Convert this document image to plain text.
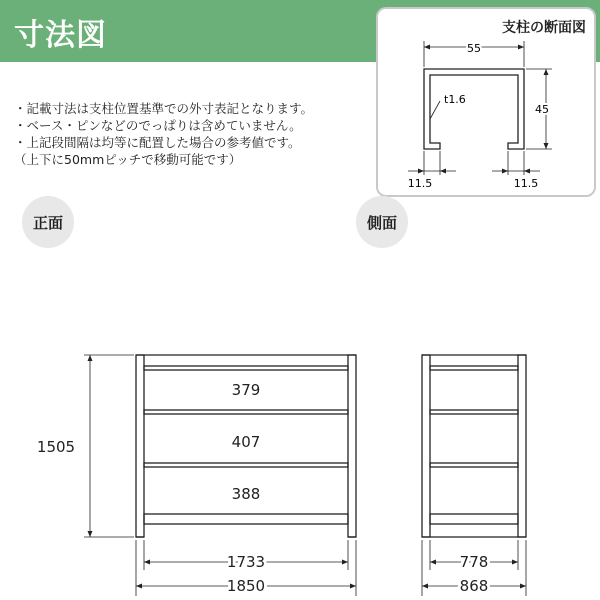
寸法図
・記載寸法は支柱位置基準での外寸表記となります。
・ベース・ピンなどのでっぱりは含めていません。
・上記段間隔は均等に配置した場合の参考値です。
（上下に50mmピッチで移動可能です）
支柱の断面図
55
45
t1.6
11.5	11.5
正面	側面
379
407
388
1505
1733
1850
778
868
